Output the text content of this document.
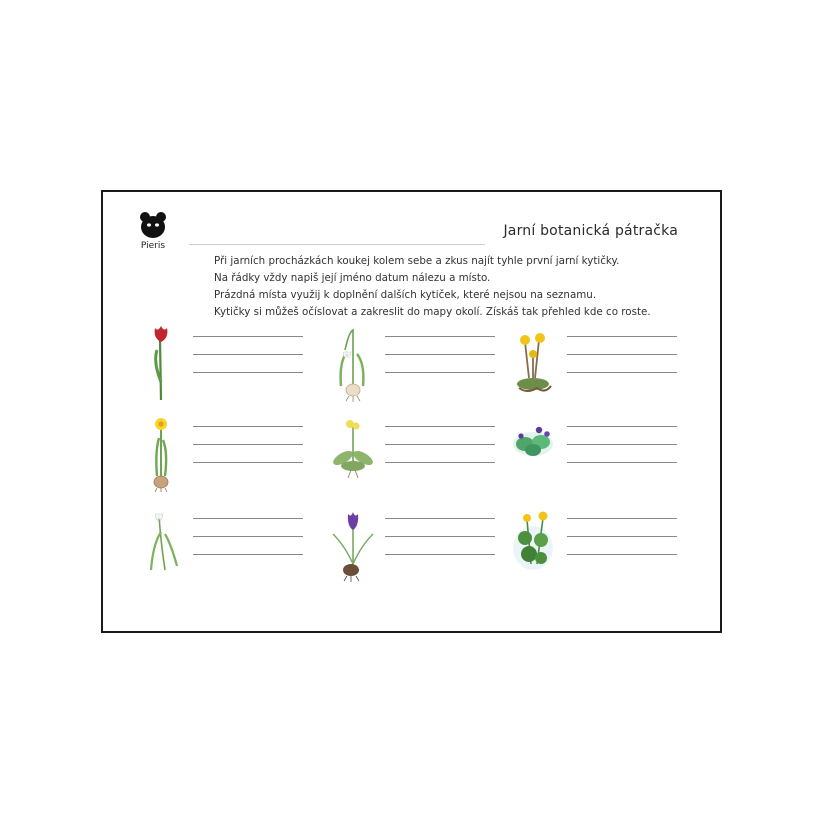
Pieris
Jarní botanická pátračka

Při jarních procházkách koukej kolem sebe a zkus najít tyhle první jarní kytičky.

Na řádky vždy napiš její jméno datum nálezu a místo.

Prázdná místa využij k doplnění dalších kytiček, které nejsou na seznamu.

Kytičky si můžeš očíslovat a zakreslit do mapy okolí. Získáš tak přehled kde co roste.
